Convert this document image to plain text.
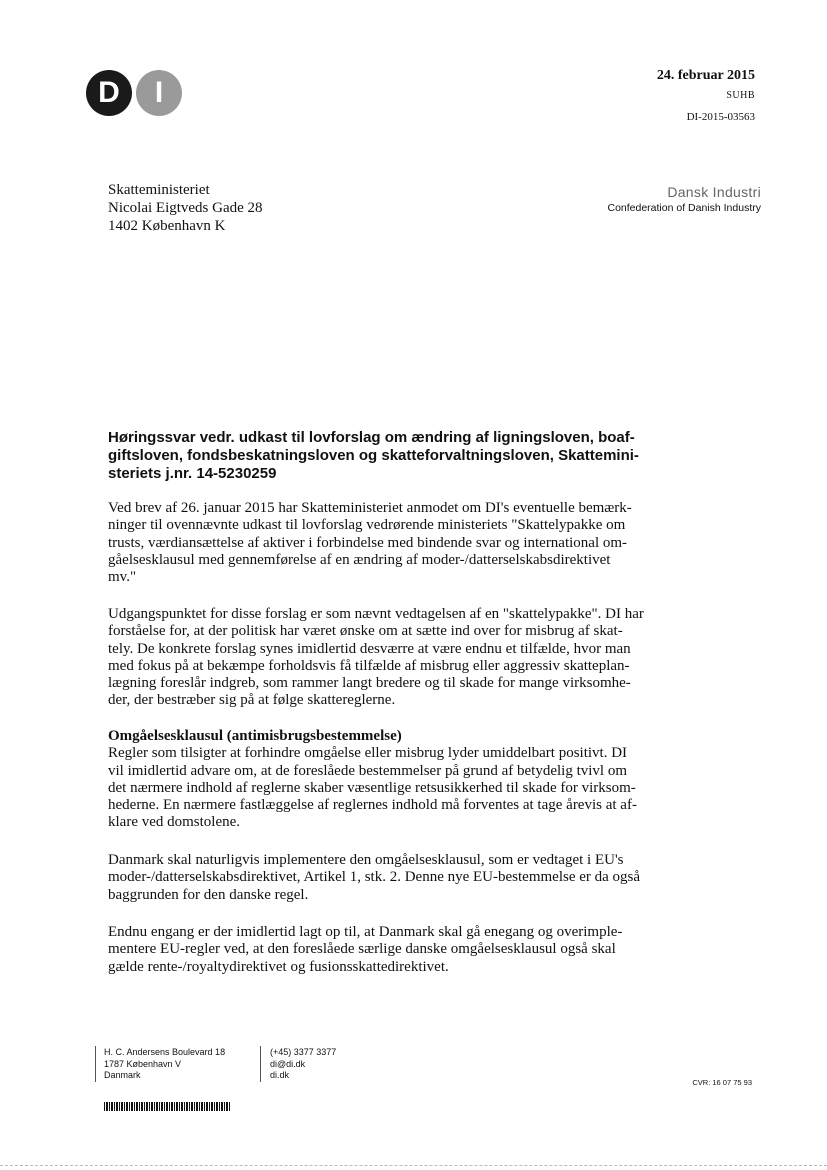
D	I
24. februar 2015
SUHB
DI-2015-03563
Skatteministeriet
Nicolai Eigtveds Gade 28
1402 København K
Dansk Industri
Confederation of Danish Industry
Høringssvar vedr. udkast til lovforslag om ændring af ligningsloven, boaf-
giftsloven, fondsbeskatningsloven og skatteforvaltningsloven, Skattemini-
steriets j.nr. 14-5230259
Ved brev af 26. januar 2015 har Skatteministeriet anmodet om DI's eventuelle bemærk-
ninger til ovennævnte udkast til lovforslag vedrørende ministeriets "Skattelypakke om
trusts, værdiansættelse af aktiver i forbindelse med bindende svar og international om-
gåelsesklausul med gennemførelse af en ændring af moder-/datterselskabsdirektivet
mv."
Udgangspunktet for disse forslag er som nævnt vedtagelsen af en "skattelypakke". DI har
forståelse for, at der politisk har været ønske om at sætte ind over for misbrug af skat-
tely. De konkrete forslag synes imidlertid desværre at være endnu et tilfælde, hvor man
med fokus på at bekæmpe forholdsvis få tilfælde af misbrug eller aggressiv skatteplan-
lægning foreslår indgreb, som rammer langt bredere og til skade for mange virksomhe-
der, der bestræber sig på at følge skattereglerne.
Omgåelsesklausul (antimisbrugsbestemmelse)
Regler som tilsigter at forhindre omgåelse eller misbrug lyder umiddelbart positivt. DI
vil imidlertid advare om, at de foreslåede bestemmelser på grund af betydelig tvivl om
det nærmere indhold af reglerne skaber væsentlige retsusikkerhed til skade for virksom-
hederne. En nærmere fastlæggelse af reglernes indhold må forventes at tage årevis at af-
klare ved domstolene.
Danmark skal naturligvis implementere den omgåelsesklausul, som er vedtaget i EU's
moder-/datterselskabsdirektivet, Artikel 1, stk. 2. Denne nye EU-bestemmelse er da også
baggrunden for den danske regel.
Endnu engang er der imidlertid lagt op til, at Danmark skal gå enegang og overimple-
mentere EU-regler ved, at den foreslåede særlige danske omgåelsesklausul også skal
gælde rente-/royaltydirektivet og fusionsskattedirektivet.
H. C. Andersens Boulevard 18
1787 København V
Danmark
(+45) 3377 3377
di@di.dk
di.dk
CVR: 16 07 75 93
